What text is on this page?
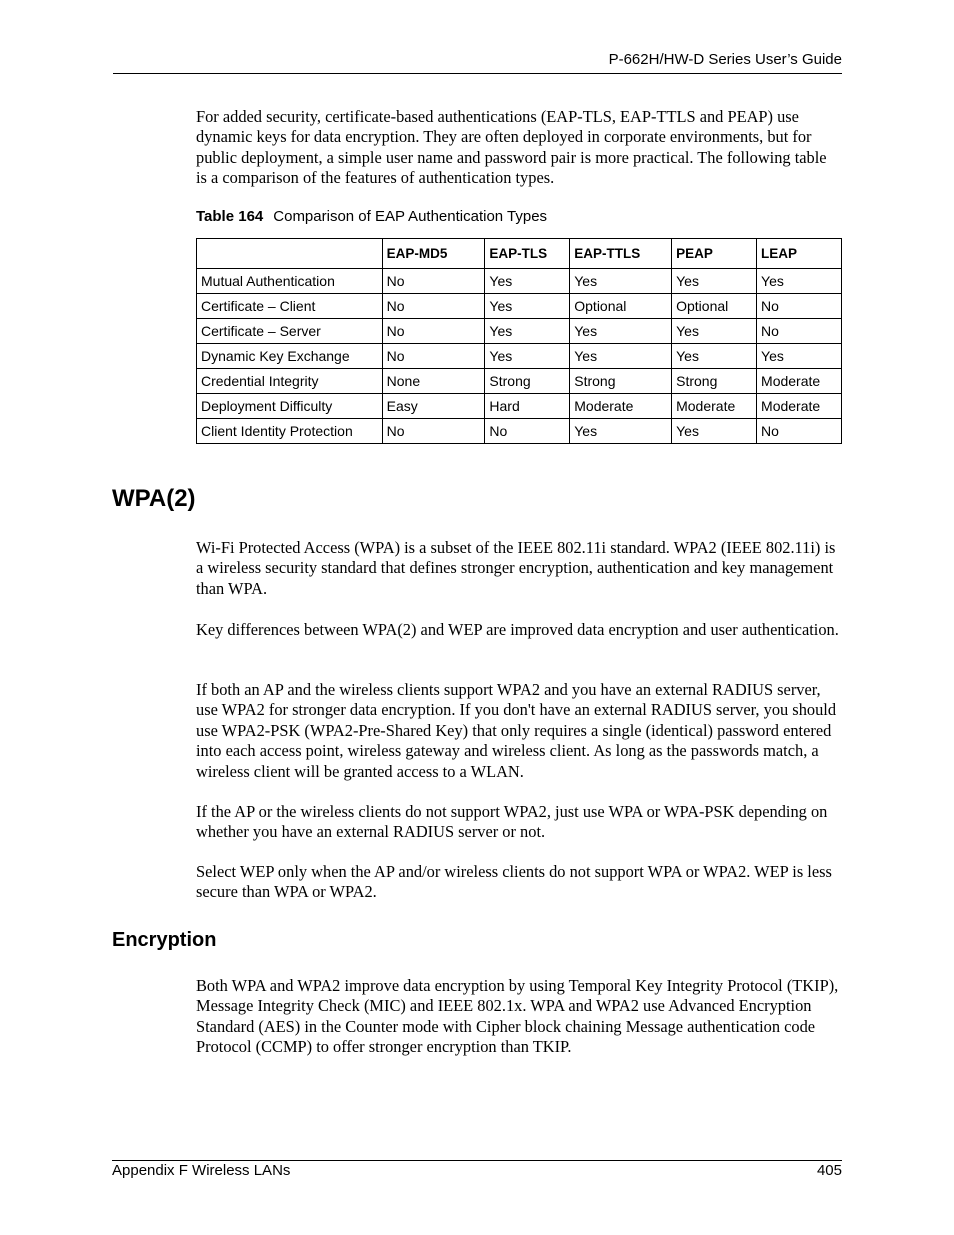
P-662H/HW-D Series User’s Guide

For added security, certificate-based authentications (EAP-TLS, EAP-TTLS and PEAP) use dynamic keys for data encryption. They are often deployed in corporate environments, but for public deployment, a simple user name and password pair is more practical. The following table is a comparison of the features of authentication types.

Table 164 Comparison of EAP Authentication Types
	EAP-MD5	EAP-TLS	EAP-TTLS	PEAP	LEAP
Mutual Authentication	No	Yes	Yes	Yes	Yes
Certificate – Client	No	Yes	Optional	Optional	No
Certificate – Server	No	Yes	Yes	Yes	No
Dynamic Key Exchange	No	Yes	Yes	Yes	Yes
Credential Integrity	None	Strong	Strong	Strong	Moderate
Deployment Difficulty	Easy	Hard	Moderate	Moderate	Moderate
Client Identity Protection	No	No	Yes	Yes	No
WPA(2)

Wi-Fi Protected Access (WPA) is a subset of the IEEE 802.11i standard. WPA2 (IEEE 802.11i) is a wireless security standard that defines stronger encryption, authentication and key management than WPA.

Key differences between WPA(2) and WEP are improved data encryption and user authentication.

If both an AP and the wireless clients support WPA2 and you have an external RADIUS server, use WPA2 for stronger data encryption. If you don't have an external RADIUS server, you should use WPA2-PSK (WPA2-Pre-Shared Key) that only requires a single (identical) password entered into each access point, wireless gateway and wireless client. As long as the passwords match, a wireless client will be granted access to a WLAN.

If the AP or the wireless clients do not support WPA2, just use WPA or WPA-PSK depending on whether you have an external RADIUS server or not.

Select WEP only when the AP and/or wireless clients do not support WPA or WPA2. WEP is less secure than WPA or WPA2.

Encryption

Both WPA and WPA2 improve data encryption by using Temporal Key Integrity Protocol (TKIP), Message Integrity Check (MIC) and IEEE 802.1x. WPA and WPA2 use Advanced Encryption Standard (AES) in the Counter mode with Cipher block chaining Message authentication code Protocol (CCMP) to offer stronger encryption than TKIP.

Appendix F Wireless LANs	405
